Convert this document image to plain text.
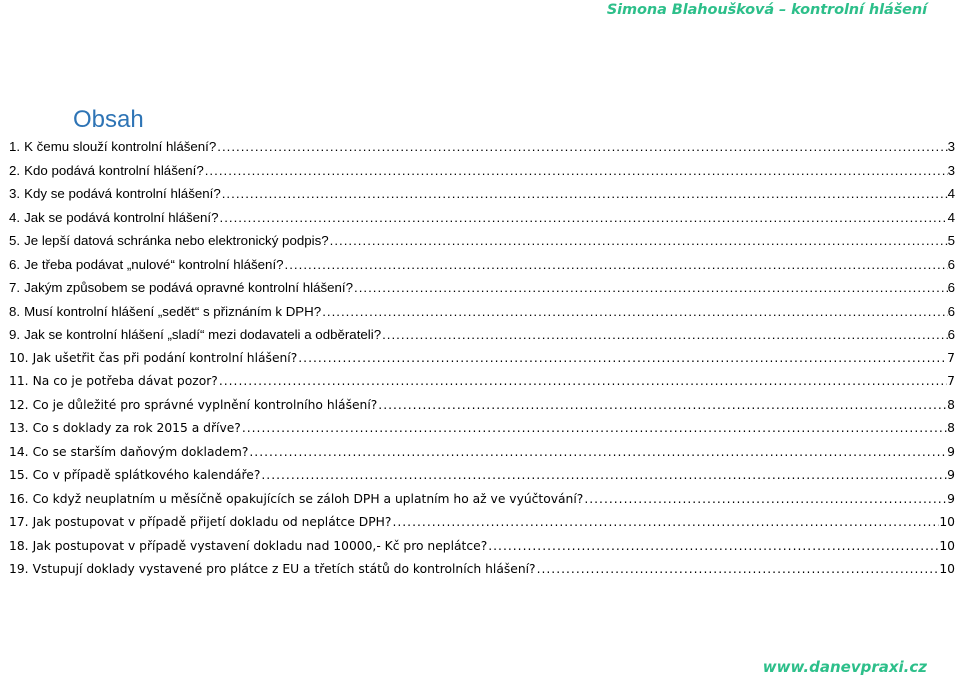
Simona Blahoušková – kontrolní hlášení
Obsah
1. K čemu slouží kontrolní hlášení? .....	3
2. Kdo podává kontrolní hlášení? .....	3
3. Kdy se podává kontrolní hlášení? .....	4
4. Jak se podává kontrolní hlášení? .....	4
5. Je lepší datová schránka nebo elektronický podpis? .....	5
6. Je třeba podávat „nulové“ kontrolní hlášení? .....	6
7. Jakým způsobem se podává opravné kontrolní hlášení? .....	6
8. Musí kontrolní hlášení „sedět“ s přiznáním k DPH? .....	6
9. Jak se kontrolní hlášení „sladí“ mezi dodavateli a odběrateli? .....	6
10. Jak ušetřit čas při podání kontrolní hlášení? .....	7
11. Na co je potřeba dávat pozor? .....	7
12. Co je důležité pro správné vyplnění kontrolního hlášení? .....	8
13. Co s doklady za rok 2015 a dříve? .....	8
14. Co se starším daňovým dokladem? .....	9
15. Co v případě splátkového kalendáře? .....	9
16. Co když neuplatním u měsíčně opakujících se záloh DPH a uplatním ho až ve vyúčtování? .....	9
17. Jak postupovat v případě přijetí dokladu od neplátce DPH? .....	10
18. Jak postupovat v případě vystavení dokladu nad 10000,- Kč pro neplátce? .....	10
19. Vstupují doklady vystavené pro plátce z EU a třetích států do kontrolních hlášení? .....	10
www.danevpraxi.cz
